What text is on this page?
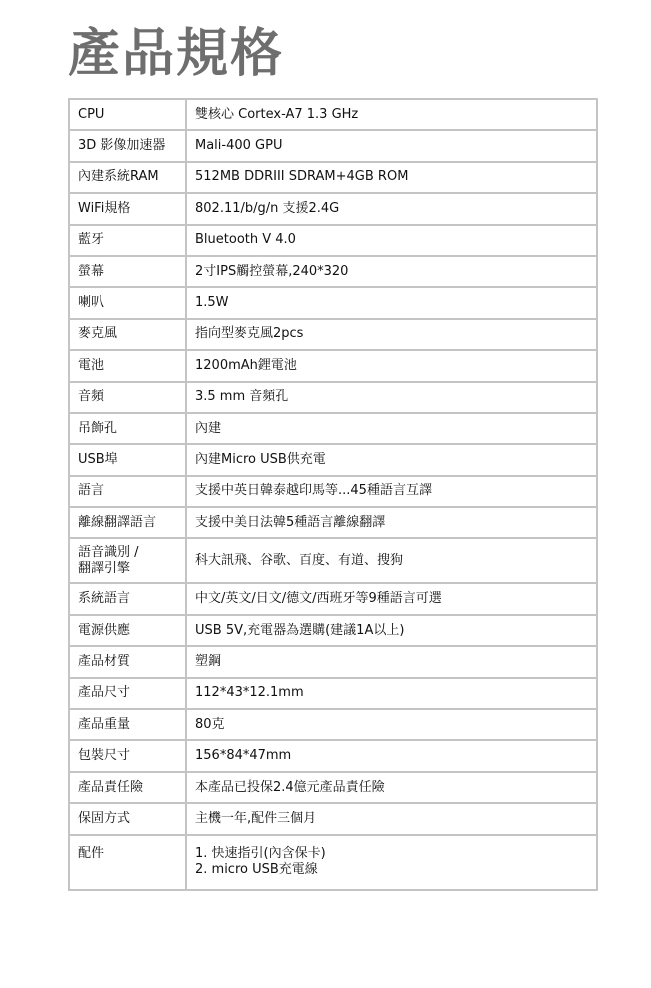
產品規格
CPU	雙核心 Cortex-A7 1.3 GHz
3D 影像加速器	Mali-400 GPU
內建系統RAM	512MB DDRIII SDRAM+4GB ROM
WiFi規格	802.11/b/g/n 支援2.4G
藍牙	Bluetooth V 4.0
螢幕	2寸IPS觸控螢幕,240*320
喇叭	1.5W
麥克風	指向型麥克風2pcs
電池	1200mAh鋰電池
音頻	3.5 mm 音頻孔
吊飾孔	內建
USB埠	內建Micro USB供充電
語言	支援中英日韓泰越印馬等...45種語言互譯
離線翻譯語言	支援中美日法韓5種語言離線翻譯

語音識別 /
翻譯引擎	科大訊飛、谷歌、百度、有道、搜狗
系統語言	中文/英文/日文/德文/西班牙等9種語言可選
電源供應	USB 5V,充電器為選購(建議1A以上)
產品材質	塑鋼
產品尺寸	112*43*12.1mm
產品重量	80克
包裝尺寸	156*84*47mm
產品責任險	本產品已投保2.4億元產品責任險
保固方式	主機一年,配件三個月
配件	1. 快速指引(內含保卡)
2. micro USB充電線
